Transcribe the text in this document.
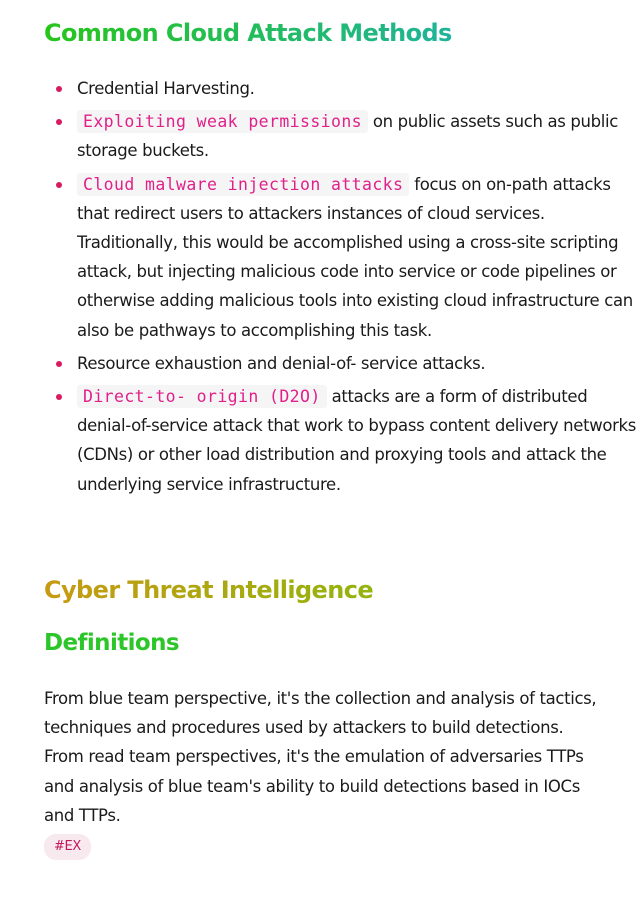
Common Cloud Attack Methods
Credential Harvesting.
Exploiting weak permissions on public assets such as public storage buckets.
Cloud malware injection attacks focus on on-path attacks that redirect users to attackers instances of cloud services. Traditionally, this would be accomplished using a cross-site scripting attack, but injecting malicious code into service or code pipelines or otherwise adding malicious tools into existing cloud infrastructure can also be pathways to accomplishing this task.
Resource exhaustion and denial-of- service attacks.
Direct-to- origin (D2O) attacks are a form of distributed denial-of-service attack that work to bypass content delivery networks (CDNs) or other load distribution and proxying tools and attack the underlying service infrastructure.
Cyber Threat Intelligence
Definitions

From blue team perspective, it's the collection and analysis of tactics, techniques and procedures used by attackers to build detections.

From read team perspectives, it's the emulation of adversaries TTPs and analysis of blue team's ability to build detections based in IOCs and TTPs.

#EX
